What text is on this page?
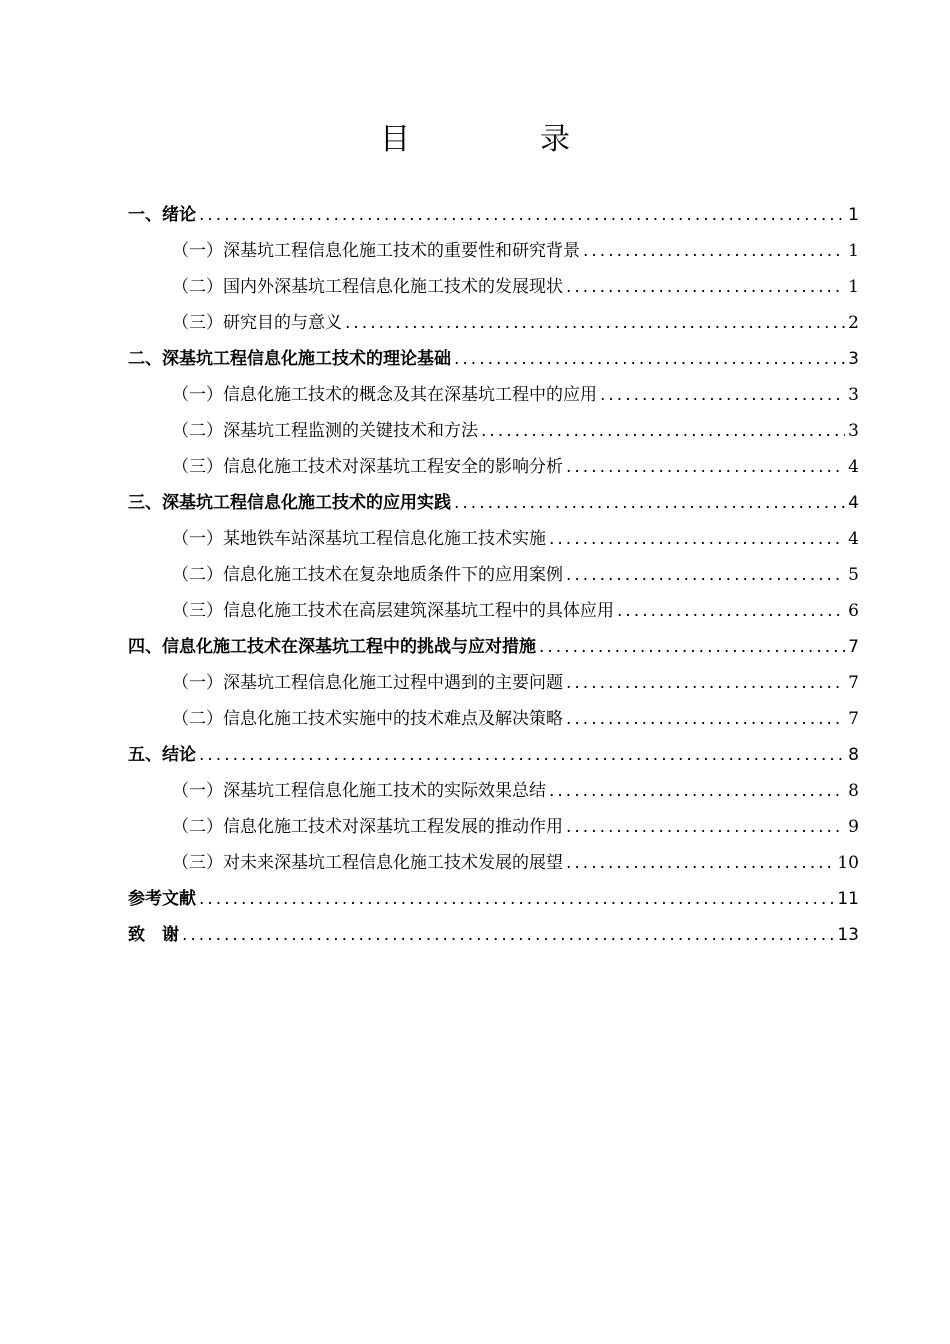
目　录
一、绪论 .....	1
（一）深基坑工程信息化施工技术的重要性和研究背景 .....	1
（二）国内外深基坑工程信息化施工技术的发展现状 .....	1
（三）研究目的与意义 .....	2
二、深基坑工程信息化施工技术的理论基础 .....	3
（一）信息化施工技术的概念及其在深基坑工程中的应用 .....	3
（二）深基坑工程监测的关键技术和方法 .....	3
（三）信息化施工技术对深基坑工程安全的影响分析 .....	4
三、深基坑工程信息化施工技术的应用实践 .....	4
（一）某地铁车站深基坑工程信息化施工技术实施 .....	4
（二）信息化施工技术在复杂地质条件下的应用案例 .....	5
（三）信息化施工技术在高层建筑深基坑工程中的具体应用 .....	6
四、信息化施工技术在深基坑工程中的挑战与应对措施 .....	7
（一）深基坑工程信息化施工过程中遇到的主要问题 .....	7
（二）信息化施工技术实施中的技术难点及解决策略 .....	7
五、结论 .....	8
（一）深基坑工程信息化施工技术的实际效果总结 .....	8
（二）信息化施工技术对深基坑工程发展的推动作用 .....	9
（三）对未来深基坑工程信息化施工技术发展的展望 .....	10
参考文献 .....	11
致　谢 .....	13
